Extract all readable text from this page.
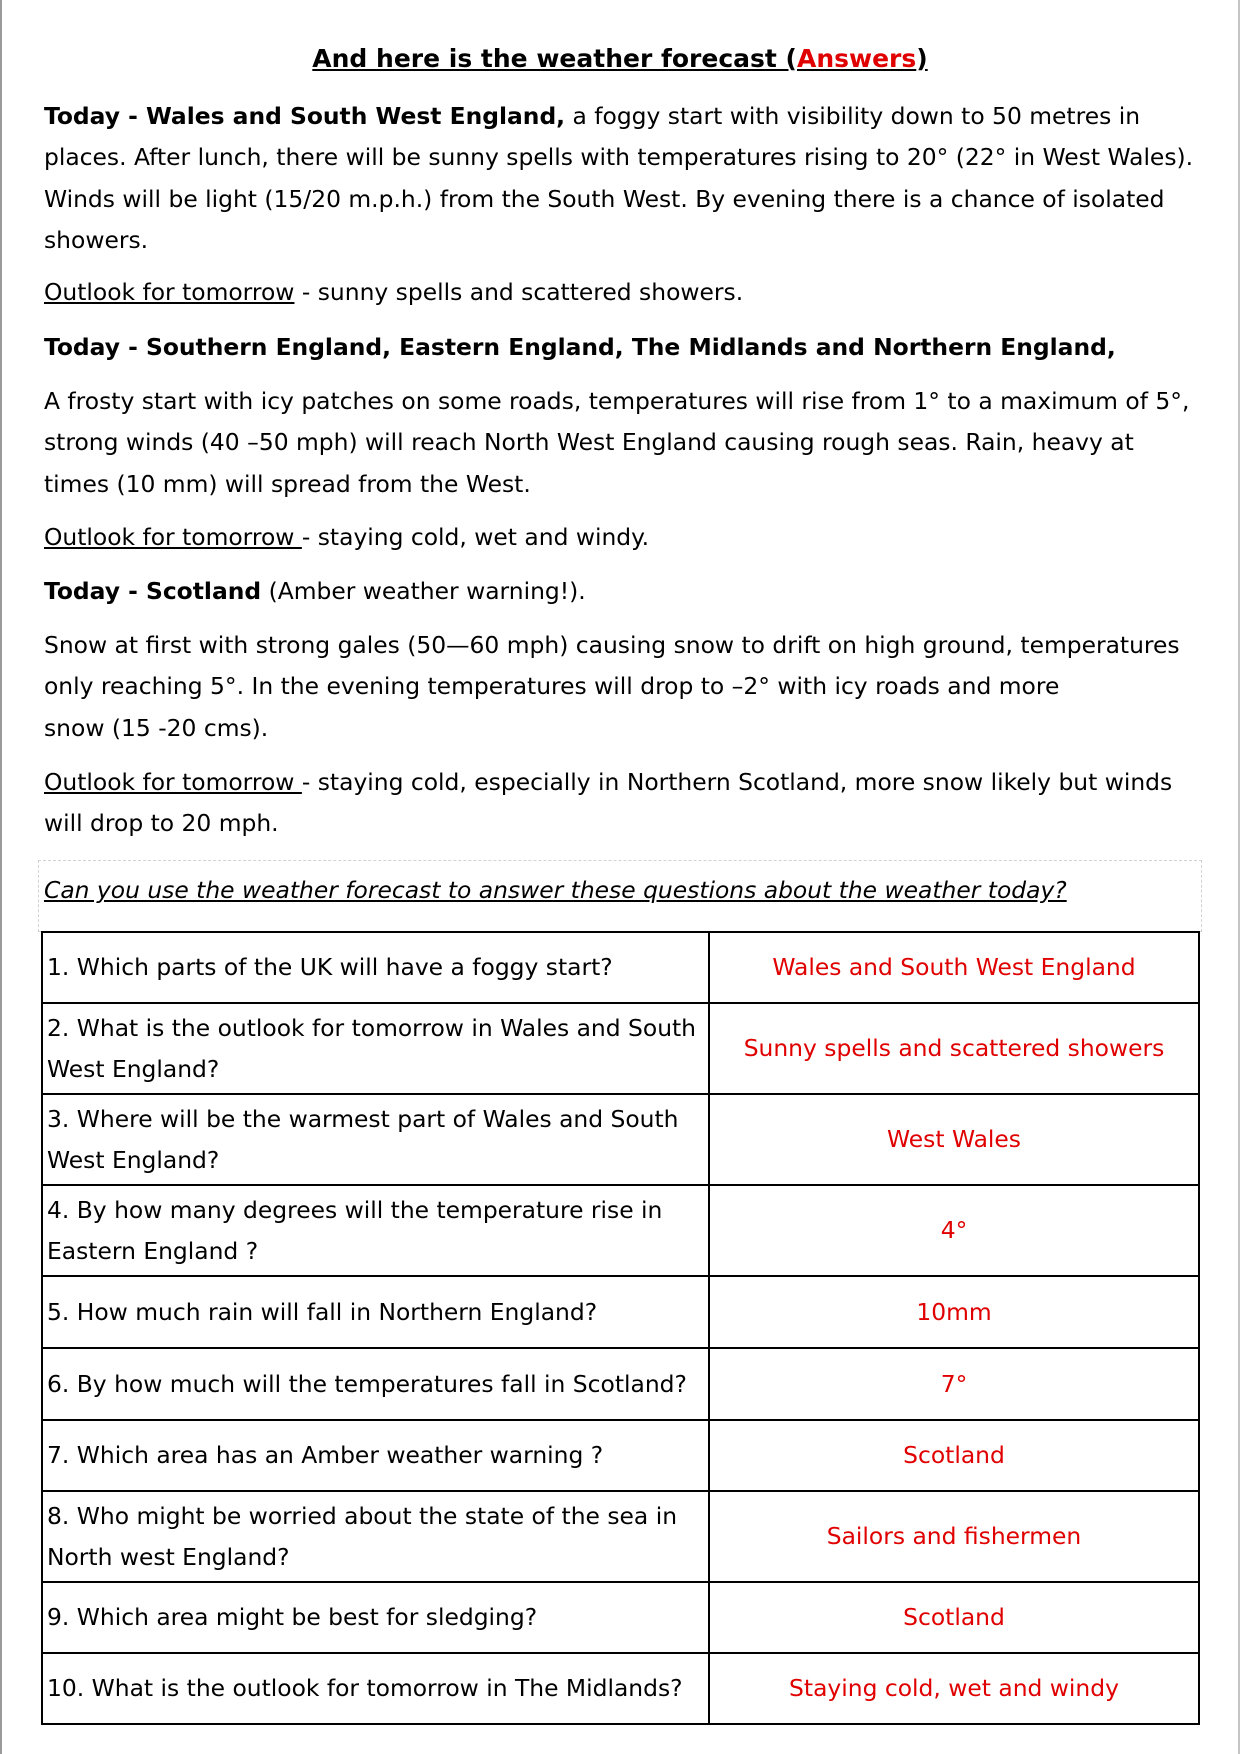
And here is the weather forecast (Answers)
Today - Wales and South West England, a foggy start with visibility down to 50 metres in places. After lunch, there will be sunny spells with temperatures rising to 20° (22° in West Wales). Winds will be light (15/20 m.p.h.) from the South West. By evening there is a chance of isolated showers.
Outlook for tomorrow - sunny spells and scattered showers.
Today - Southern England, Eastern England, The Midlands and Northern England,
A frosty start with icy patches on some roads, temperatures will rise from 1° to a maximum of 5°, strong winds (40 –50 mph) will reach North West England causing rough seas. Rain, heavy at times (10 mm) will spread from the West.
Outlook for tomorrow - staying cold, wet and windy.
Today - Scotland (Amber weather warning!).
Snow at first with strong gales (50—60 mph) causing snow to drift on high ground, temperatures only reaching 5°. In the evening temperatures will drop to –2° with icy roads and more
snow (15 -20 cms).
Outlook for tomorrow - staying cold, especially in Northern Scotland, more snow likely but winds will drop to 20 mph.
Can you use the weather forecast to answer these questions about the weather today?
1. Which parts of the UK will have a foggy start?	Wales and South West England
2. What is the outlook for tomorrow in Wales and South West England?	Sunny spells and scattered showers
3. Where will be the warmest part of Wales and South West England?	West Wales
4. By how many degrees will the temperature rise in Eastern England ?	4°
5. How much rain will fall in Northern England?	10mm
6. By how much will the temperatures fall in Scotland?	7°
7. Which area has an Amber weather warning ?	Scotland
8. Who might be worried about the state of the sea in North west England?	Sailors and fishermen
9. Which area might be best for sledging?	Scotland
10. What is the outlook for tomorrow in The Midlands?	Staying cold, wet and windy
